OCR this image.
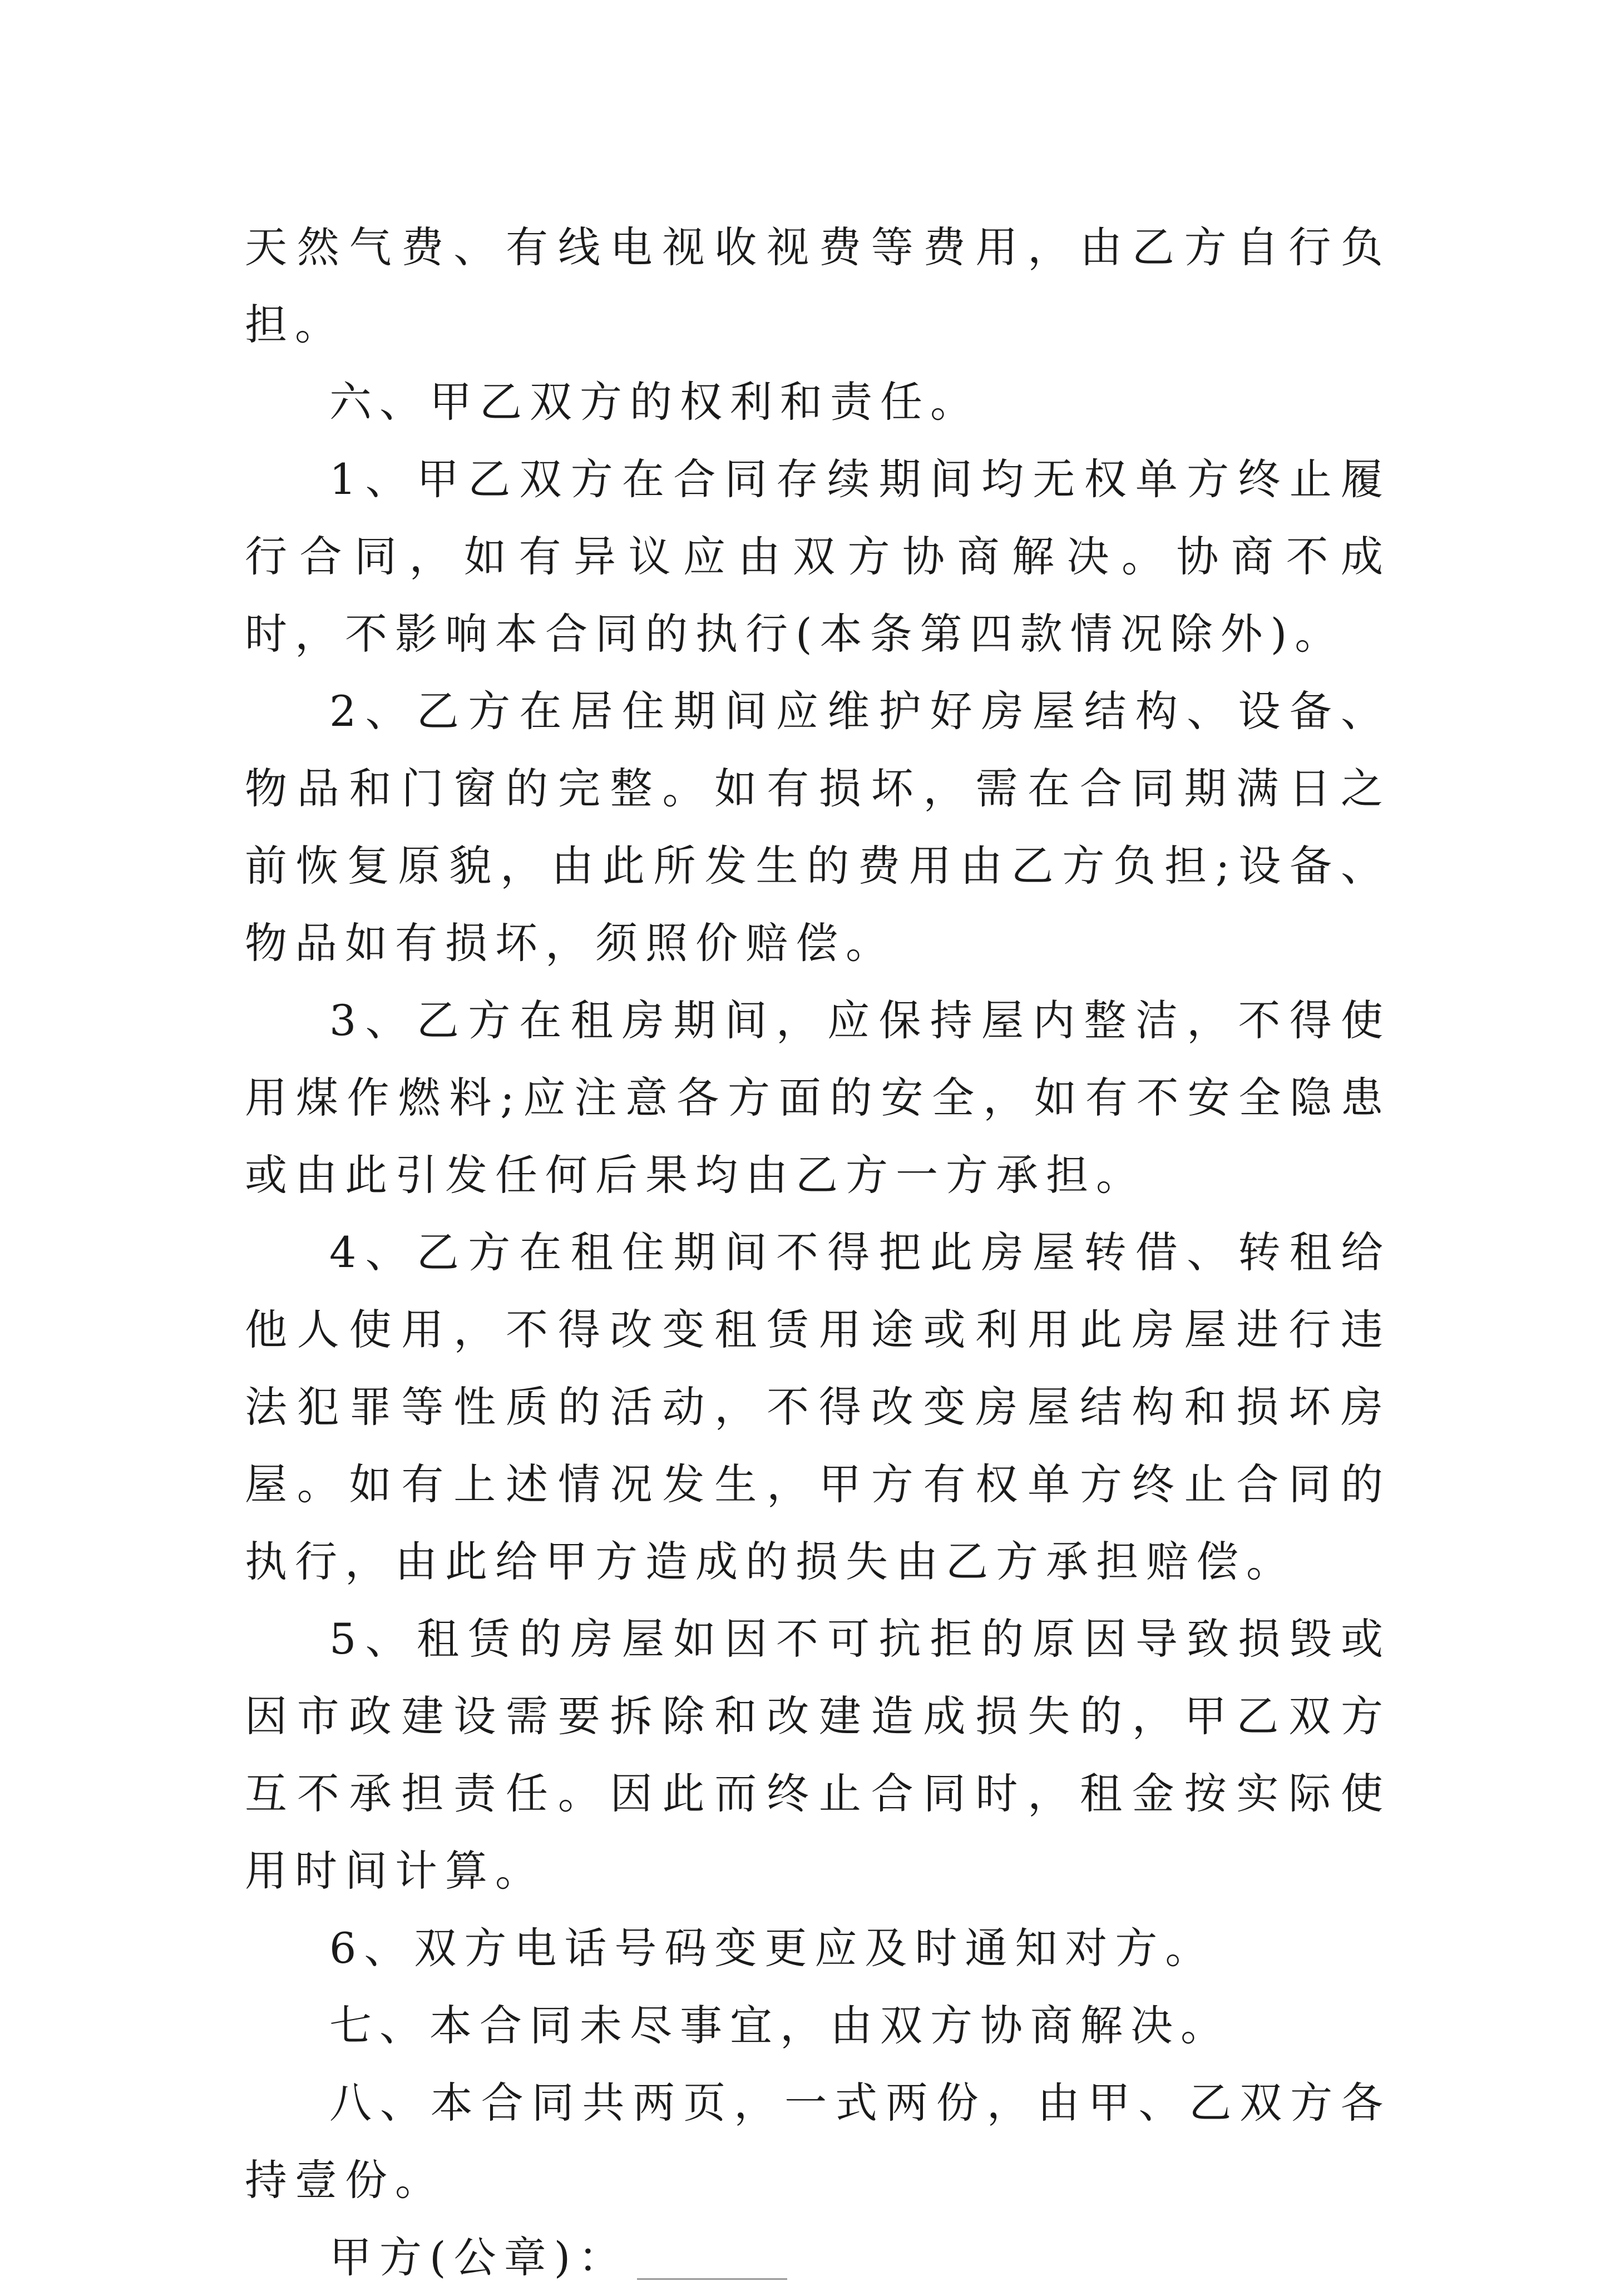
天然气费、有线电视收视费等费用，由乙方自行负担。

六、甲乙双方的权利和责任。

1、甲乙双方在合同存续期间均无权单方终止履行合同，如有异议应由双方协商解决。协商不成时，不影响本合同的执行(本条第四款情况除外)。

2、乙方在居住期间应维护好房屋结构、设备、物品和门窗的完整。如有损坏，需在合同期满日之前恢复原貌，由此所发生的费用由乙方负担;设备、物品如有损坏，须照价赔偿。

3、乙方在租房期间，应保持屋内整洁，不得使用煤作燃料;应注意各方面的安全，如有不安全隐患或由此引发任何后果均由乙方一方承担。

4、乙方在租住期间不得把此房屋转借、转租给他人使用，不得改变租赁用途或利用此房屋进行违法犯罪等性质的活动，不得改变房屋结构和损坏房屋。如有上述情况发生，甲方有权单方终止合同的执行，由此给甲方造成的损失由乙方承担赔偿。

5、租赁的房屋如因不可抗拒的原因导致损毁或因市政建设需要拆除和改建造成损失的，甲乙双方互不承担责任。因此而终止合同时，租金按实际使用时间计算。

6、双方电话号码变更应及时通知对方。

七、本合同未尽事宜，由双方协商解决。

八、本合同共两页，一式两份，由甲、乙双方各持壹份。

甲方(公章)：
